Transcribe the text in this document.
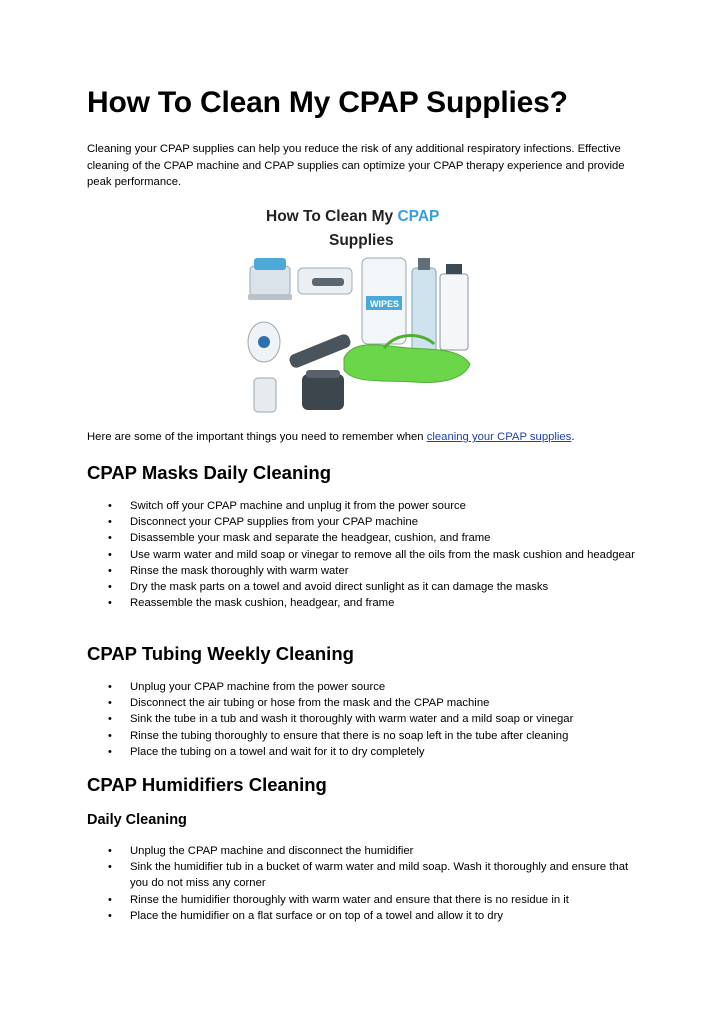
How To Clean My CPAP Supplies?

Cleaning your CPAP supplies can help you reduce the risk of any additional respiratory infections. Effective cleaning of the CPAP machine and CPAP supplies can optimize your CPAP therapy experience and provide peak performance.

How To Clean My CPAP
Supplies
WIPES

Here are some of the important things you need to remember when cleaning your CPAP supplies.

CPAP Masks Daily Cleaning
• Switch off your CPAP machine and unplug it from the power source
• Disconnect your CPAP supplies from your CPAP machine
• Disassemble your mask and separate the headgear, cushion, and frame
• Use warm water and mild soap or vinegar to remove all the oils from the mask cushion and headgear
• Rinse the mask thoroughly with warm water
• Dry the mask parts on a towel and avoid direct sunlight as it can damage the masks
• Reassemble the mask cushion, headgear, and frame
CPAP Tubing Weekly Cleaning
• Unplug your CPAP machine from the power source
• Disconnect the air tubing or hose from the mask and the CPAP machine
• Sink the tube in a tub and wash it thoroughly with warm water and a mild soap or vinegar
• Rinse the tubing thoroughly to ensure that there is no soap left in the tube after cleaning
• Place the tubing on a towel and wait for it to dry completely
CPAP Humidifiers Cleaning
Daily Cleaning
• Unplug the CPAP machine and disconnect the humidifier
• Sink the humidifier tub in a bucket of warm water and mild soap. Wash it thoroughly and ensure that you do not miss any corner
• Rinse the humidifier thoroughly with warm water and ensure that there is no residue in it
• Place the humidifier on a flat surface or on top of a towel and allow it to dry
